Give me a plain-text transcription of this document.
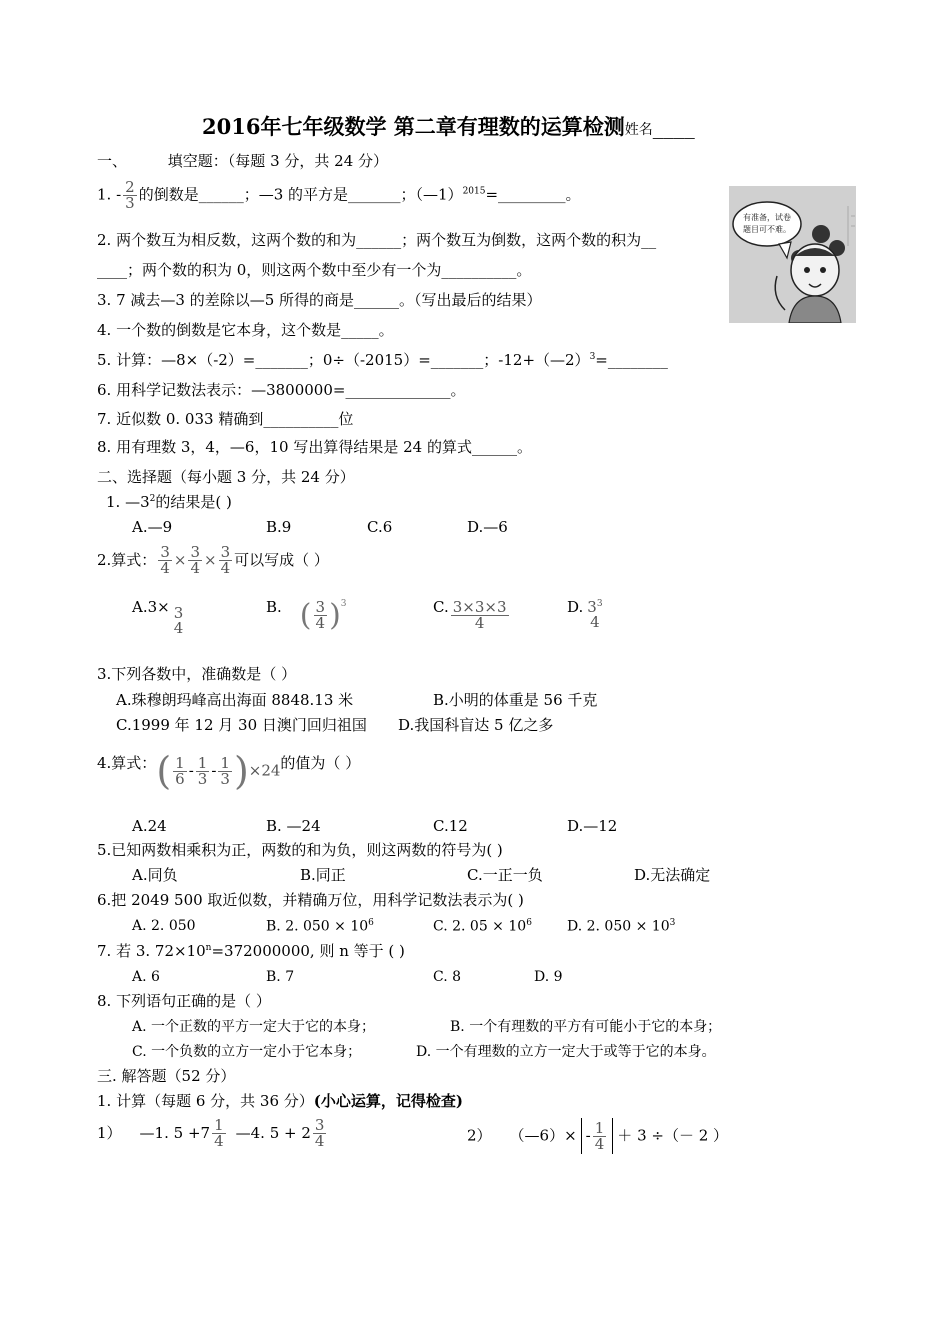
2016年七年级数学 第二章有理数的运算检测姓名____
一、	填空题：（每题 3 分，共 24 分）
1. - $\frac{2}{3}$ 的倒数是______；—3 的平方是_______；（—1）$^{2015}$=_________。
2. 两个数互为相反数，这两个数的和为______；两个数互为倒数，这两个数的积为__
____；两个数的积为 0，则这两个数中至少有一个为__________。
3. 7 减去—3 的差除以—5 所得的商是______。（写出最后的结果）
4. 一个数的倒数是它本身，这个数是_____。
5. 计算：—8×（-2）=_______；0÷（-2015）=_______；-12+（—2）$^3$=________
6. 用科学记数法表示：—3800000=______________。
7. 近似数 0. 033 精确到__________位
8. 用有理数 3，4，—6，10 写出算得结果是 24 的算式______。
有准备，试卷
题目可不难。
二、选择题（每小题 3 分，共 24 分）
1. $—3^2$的结果是( )
A.—9	B.9	C.6	D.—6
2.算式： $\frac{3}{4} \times \frac{3}{4} \times \frac{3}{4}$ 可以写成（ ）
A.3× 3
4
B. ( $\frac{3}{4} )^3$	C. $\frac{3\times 3\times 3}{4}$	D. $3^3$
4
3.下列各数中，准确数是（ ）
A.珠穆朗玛峰高出海面 8848.13 米	B.小明的体重是 56 千克
C.1999 年 12 月 30 日澳门回归祖国 D.我国科盲达 5 亿之多
4.算式：( $\frac{1}{6} - \frac{1}{3} - \frac{1}{3} )\times 24$的值为（ ）
A.24	B. —24	C.12	D.—12
5.已知两数相乘积为正，两数的和为负，则这两数的符号为( )
A.同负	B.同正	C.一正一负	D.无法确定
6.把 2049 500 取近似数，并精确万位，用科学记数法表示为( )
A. 2. 050	B. 2. $050 \times 10^6$	C. 2. $05 \times 10^6$	D. 2. $050 \times 10^3$
7. 若 3. $72\times 10^n=372000000$, 则 n 等于 ( )
A. 6	B. 7	C. 8	D. 9
8. 下列语句正确的是（ ）
A. 一个正数的平方一定大于它的本身；	B. 一个有理数的平方有可能小于它的本身；
C. 一个负数的立方一定小于它本身；	D. 一个有理数的立方一定大于或等于它的本身。
三. 解答题（52 分）
1. 计算（每题 6 分，共 36 分）(小心运算，记得检查)
1） —1. $5 +7 \frac{1}{4}$ —4. $5 + 2 \frac{3}{4}$	2） （—6）× - $\frac{1}{4} + 3$ ÷（－ 2 ）
